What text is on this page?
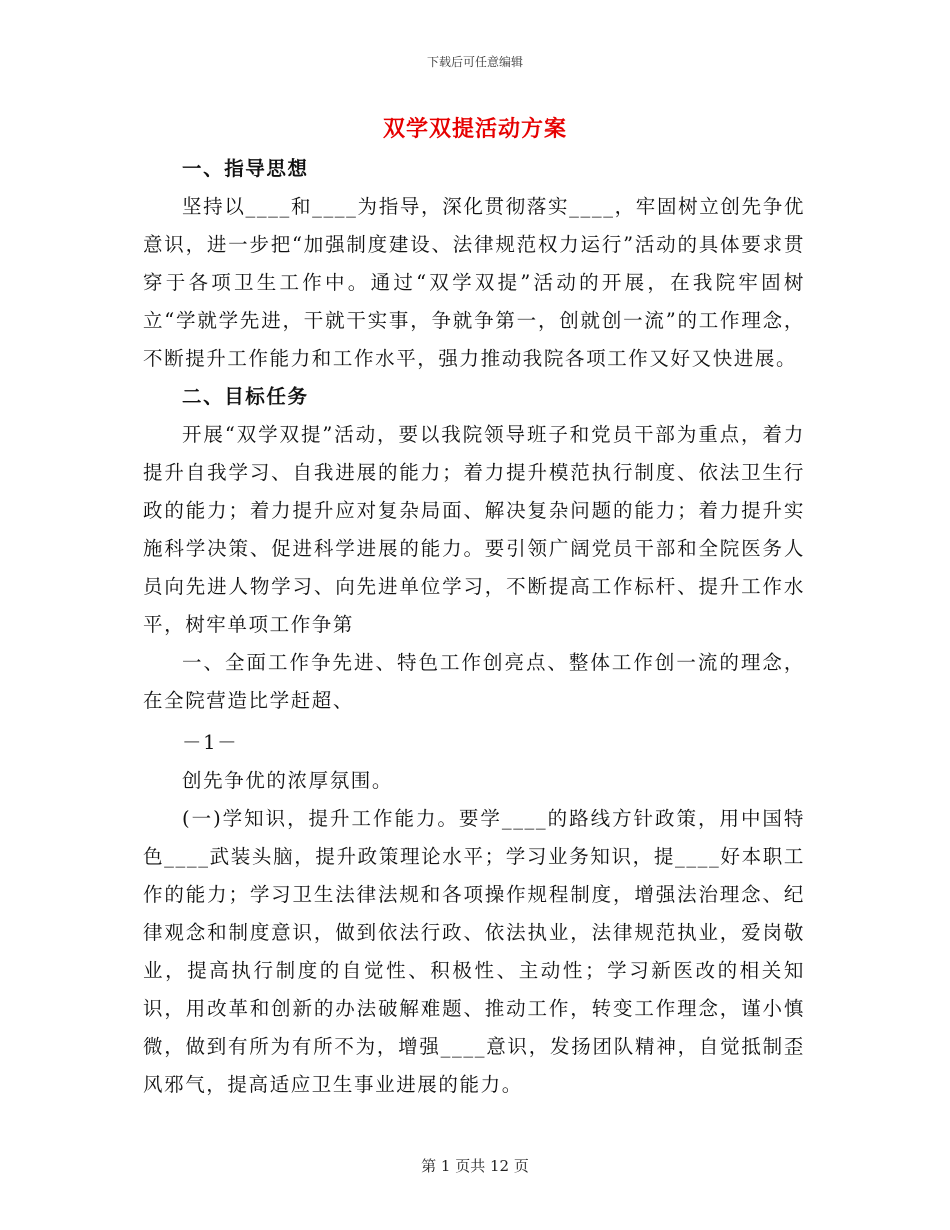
下载后可任意编辑
双学双提活动方案
一、指导思想

坚持以____和____为指导，深化贯彻落实____，牢固树立创先争优意识，进一步把“加强制度建设、法律规范权力运行”活动的具体要求贯穿于各项卫生工作中。通过“双学双提”活动的开展，在我院牢固树立“学就学先进，干就干实事，争就争第一，创就创一流”的工作理念，不断提升工作能力和工作水平，强力推动我院各项工作又好又快进展。

二、目标任务

开展“双学双提”活动，要以我院领导班子和党员干部为重点，着力提升自我学习、自我进展的能力；着力提升模范执行制度、依法卫生行政的能力；着力提升应对复杂局面、解决复杂问题的能力；着力提升实施科学决策、促进科学进展的能力。要引领广阔党员干部和全院医务人员向先进人物学习、向先进单位学习，不断提高工作标杆、提升工作水平，树牢单项工作争第

一、全面工作争先进、特色工作创亮点、整体工作创一流的理念，在全院营造比学赶超、

－1－

创先争优的浓厚氛围。

(一)学知识，提升工作能力。要学____的路线方针政策，用中国特色____武装头脑，提升政策理论水平；学习业务知识，提____好本职工作的能力；学习卫生法律法规和各项操作规程制度，增强法治理念、纪律观念和制度意识，做到依法行政、依法执业，法律规范执业，爱岗敬业，提高执行制度的自觉性、积极性、主动性；学习新医改的相关知识，用改革和创新的办法破解难题、推动工作，转变工作理念，谨小慎微，做到有所为有所不为，增强____意识，发扬团队精神，自觉抵制歪风邪气，提高适应卫生事业进展的能力。

第 1 页共 12 页
